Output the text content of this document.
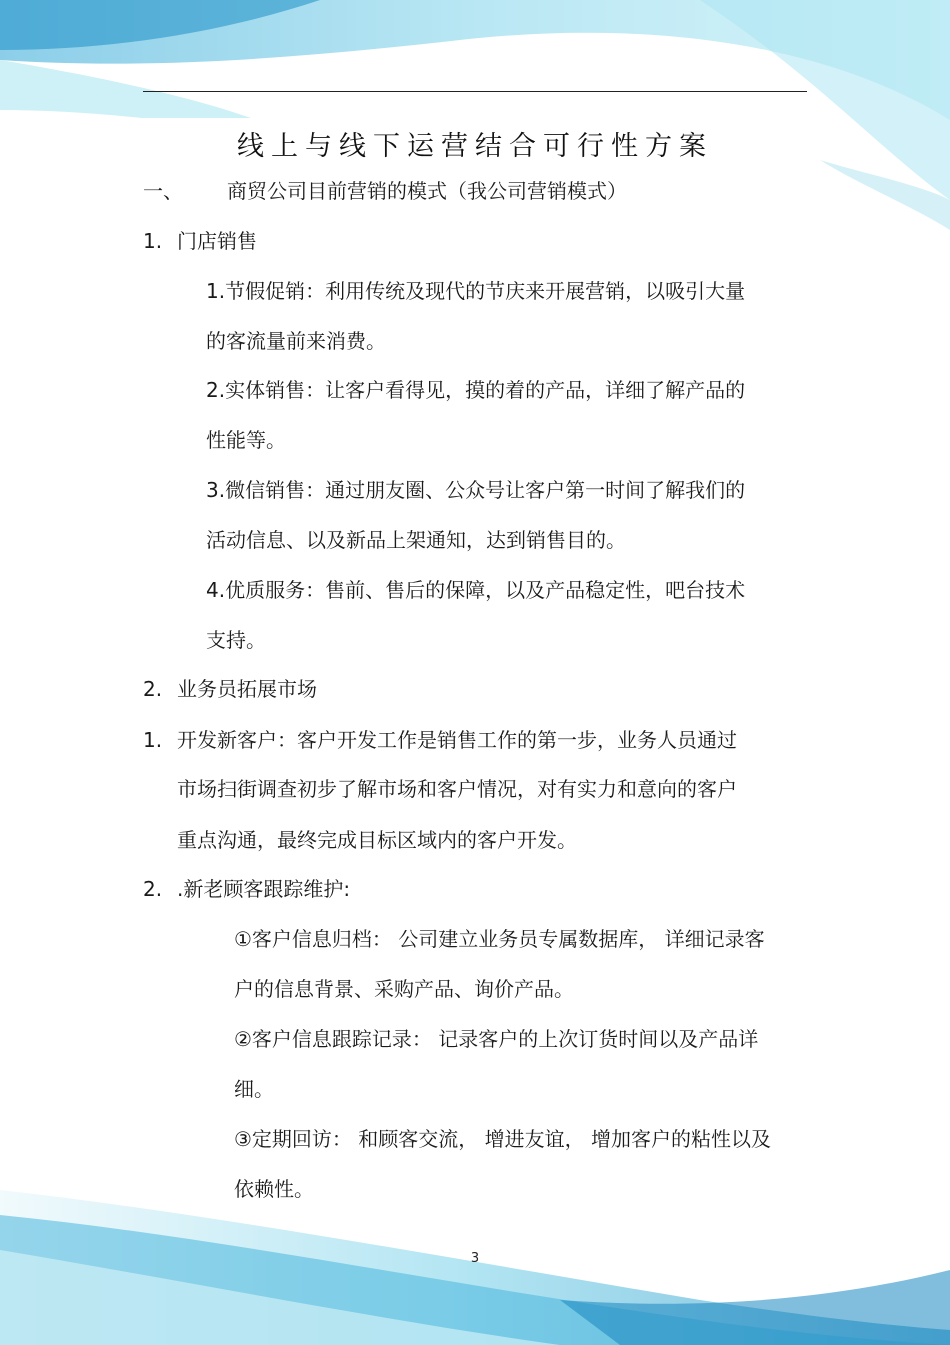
线上与线下运营结合可行性方案
一、 商贸公司目前营销的模式（我公司营销模式）
1. 门店销售
1.节假促销：利用传统及现代的节庆来开展营销，以吸引大量
的客流量前来消费。
2.实体销售：让客户看得见，摸的着的产品，详细了解产品的
性能等。
3.微信销售：通过朋友圈、公众号让客户第一时间了解我们的
活动信息、以及新品上架通知，达到销售目的。
4.优质服务：售前、售后的保障，以及产品稳定性，吧台技术
支持。
2. 业务员拓展市场
1. 开发新客户：客户开发工作是销售工作的第一步，业务人员通过
市场扫街调查初步了解市场和客户情况，对有实力和意向的客户
重点沟通，最终完成目标区域内的客户开发。
2. .新老顾客跟踪维护:
①客户信息归档： 公司建立业务员专属数据库， 详细记录客
户的信息背景、采购产品、询价产品。
②客户信息跟踪记录： 记录客户的上次订货时间以及产品详
细。
③定期回访： 和顾客交流， 增进友谊， 增加客户的粘性以及
依赖性。
3
